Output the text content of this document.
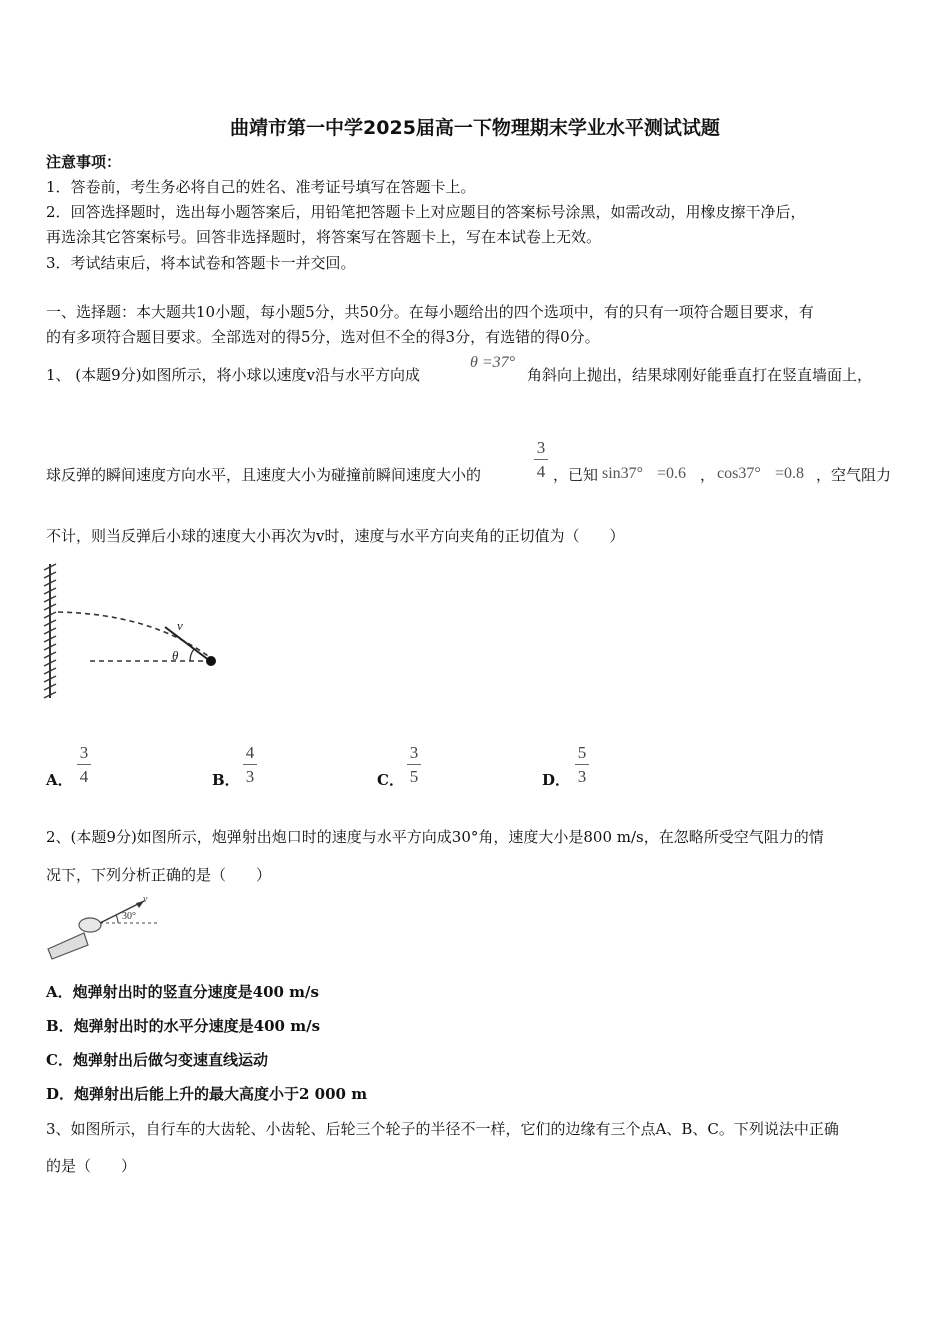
曲靖市第一中学2025届高一下物理期末学业水平测试试题
注意事项：
1．答卷前，考生务必将自己的姓名、准考证号填写在答题卡上。
2．回答选择题时，选出每小题答案后，用铅笔把答题卡上对应题目的答案标号涂黑，如需改动，用橡皮擦干净后，
再选涂其它答案标号。回答非选择题时，将答案写在答题卡上，写在本试卷上无效。
3．考试结束后，将本试卷和答题卡一并交回。
一、选择题：本大题共10小题，每小题5分，共50分。在每小题给出的四个选项中，有的只有一项符合题目要求，有
的有多项符合题目要求。全部选对的得5分，选对但不全的得3分，有选错的得0分。
1、 (本题9分)如图所示，将小球以速度v沿与水平方向成
θ =37°
角斜向上抛出，结果球刚好能垂直打在竖直墙面上，
球反弹的瞬间速度方向水平，且速度大小为碰撞前瞬间速度大小的
3
4 ，已知 sin37° =0.6 ， cos37° =0.8 ，空气阻力
不计，则当反弹后小球的速度大小再次为v时，速度与水平方向夹角的正切值为（　　）
v
θ
A．
3
4	B．
4
3	C．
3
5	D．
5
3
2、(本题9分)如图所示，炮弹射出炮口时的速度与水平方向成30°角，速度大小是800 m/s，在忽略所受空气阻力的情
况下，下列分析正确的是（　　）
v
30°
A．炮弹射出时的竖直分速度是400 m/s
B．炮弹射出时的水平分速度是400 m/s
C．炮弹射出后做匀变速直线运动
D．炮弹射出后能上升的最大高度小于2 000 m
3、如图所示，自行车的大齿轮、小齿轮、后轮三个轮子的半径不一样，它们的边缘有三个点A、B、C。下列说法中正确
的是（　　）
